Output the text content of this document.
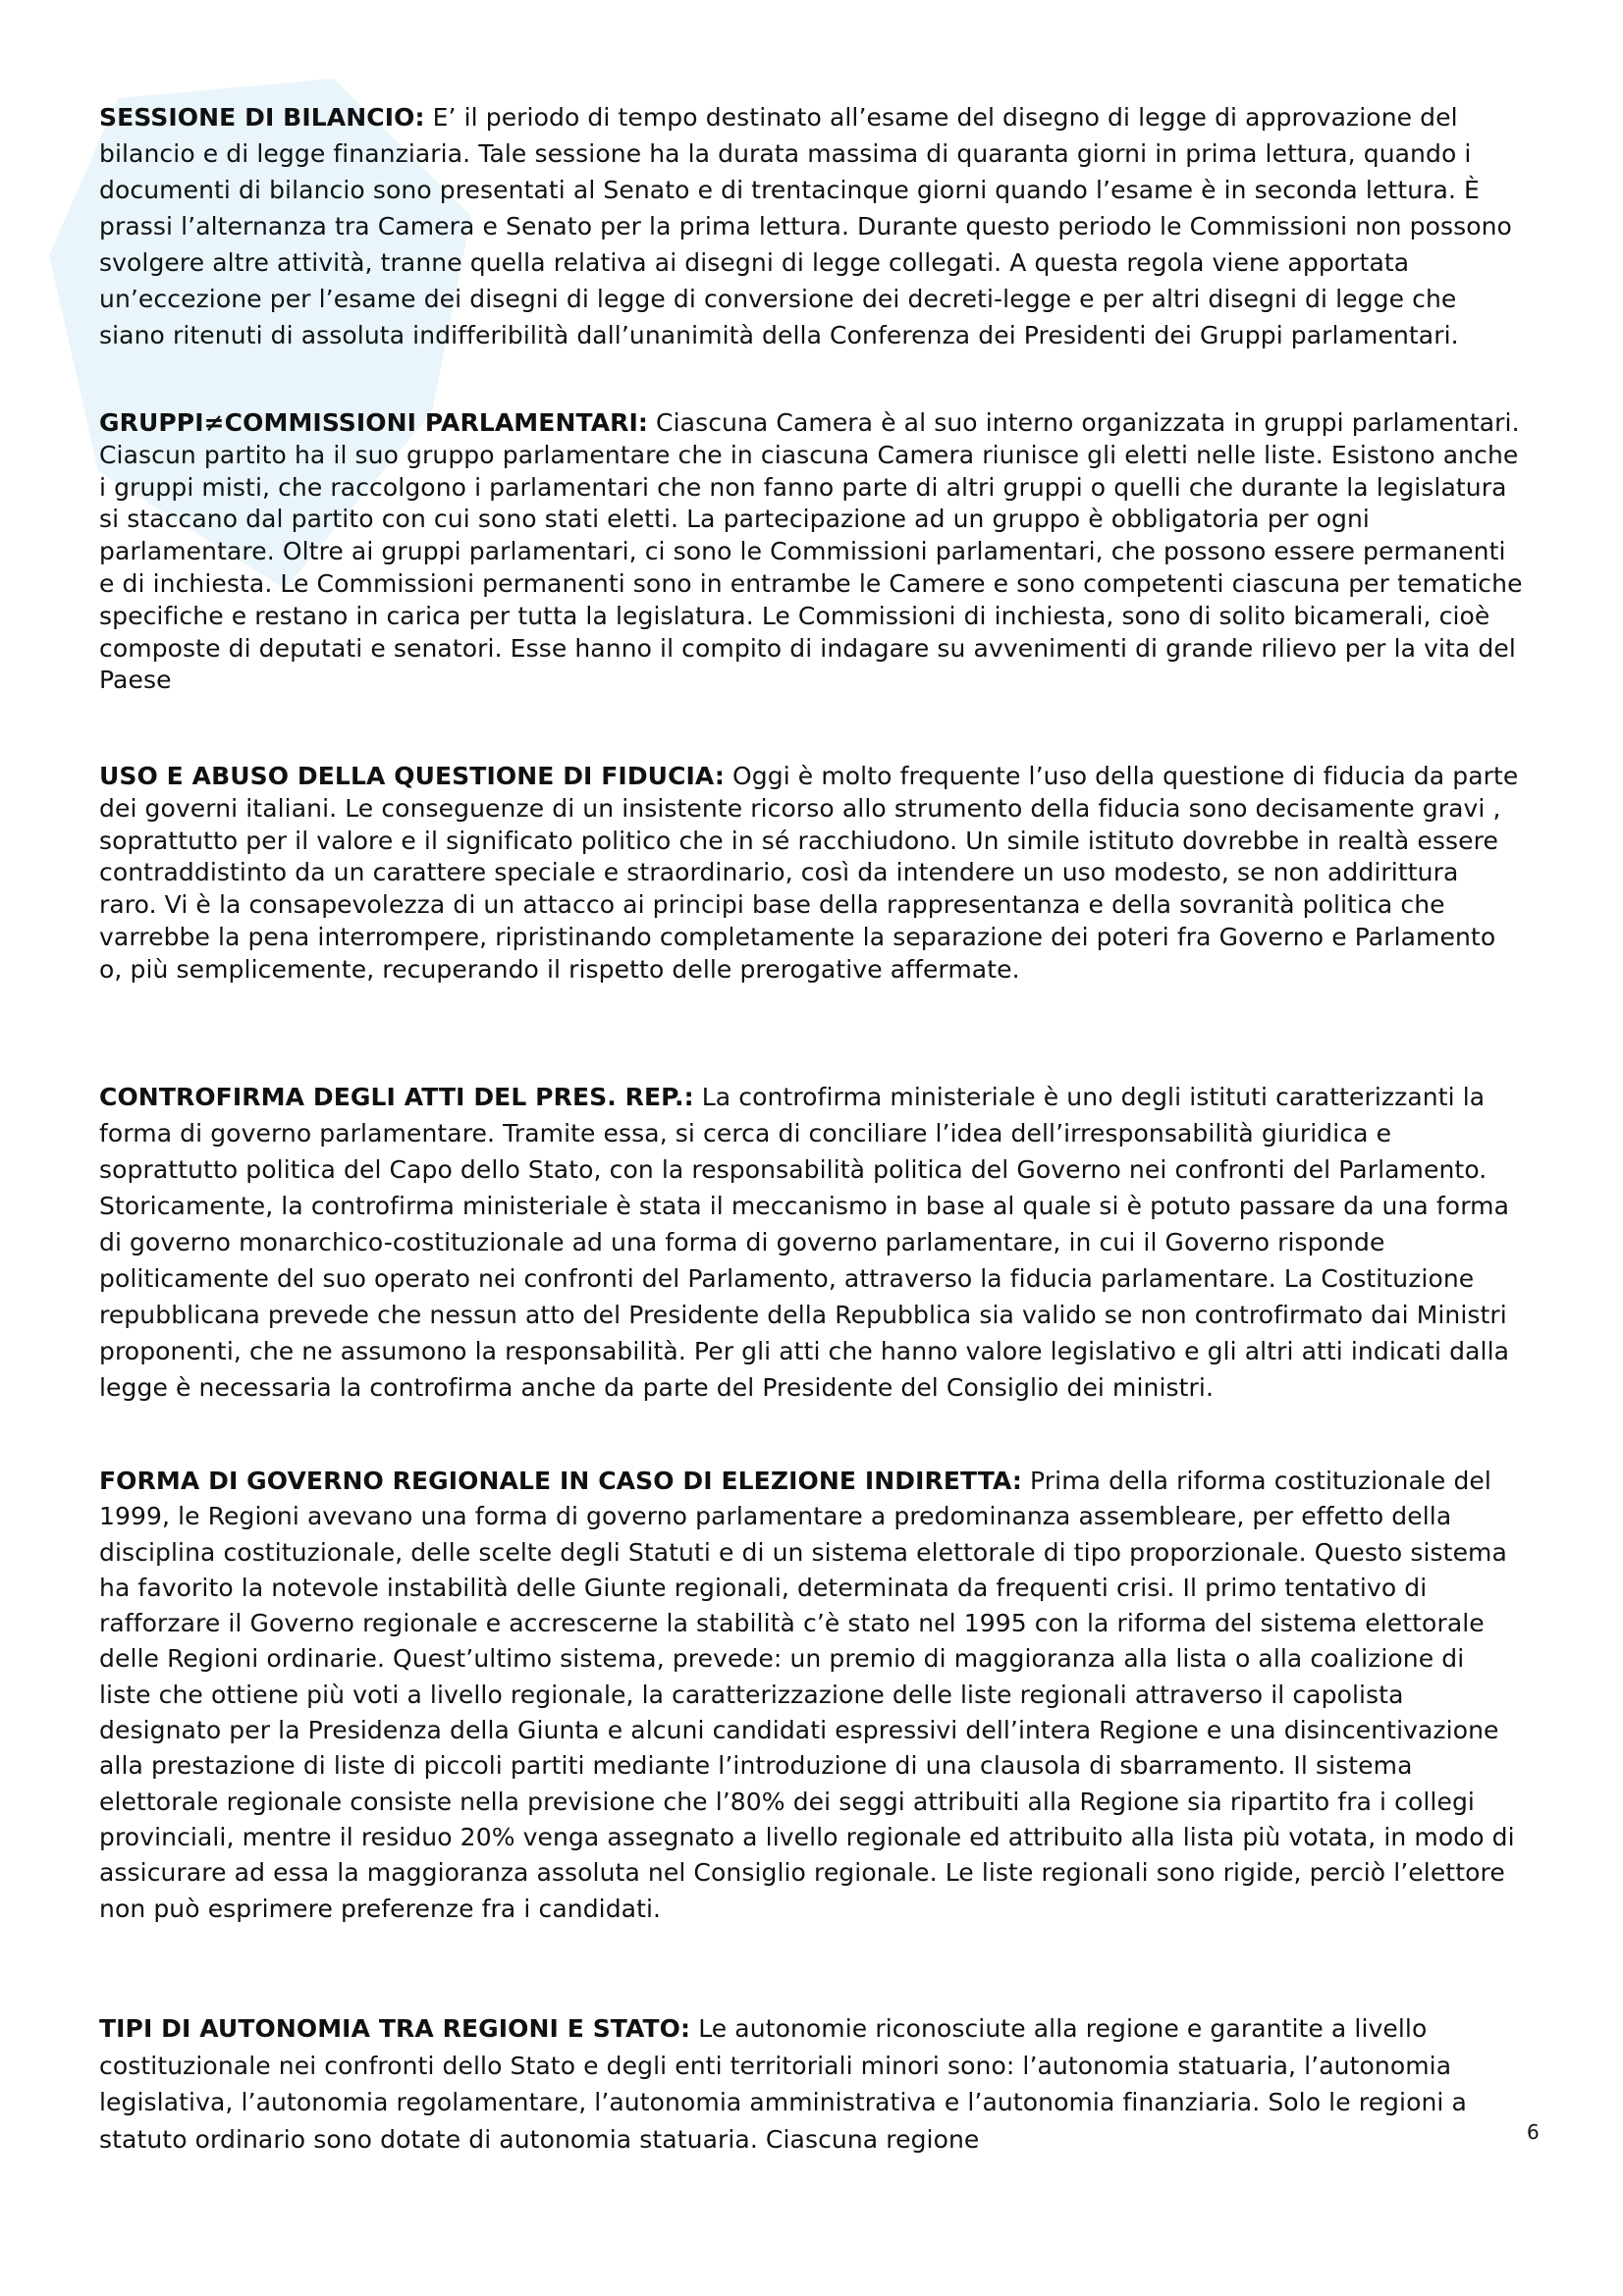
SESSIONE DI BILANCIO: E’ il periodo di tempo destinato all’esame del disegno di legge di approvazione del bilancio e di legge finanziaria. Tale sessione ha la durata massima di quaranta giorni in prima lettura, quando i documenti di bilancio sono presentati al Senato e di trentacinque giorni quando l’esame è in seconda lettura. È prassi l’alternanza tra Camera e Senato per la prima lettura. Durante questo periodo le Commissioni non possono svolgere altre attività, tranne quella relativa ai disegni di legge collegati. A questa regola viene apportata un’eccezione per l’esame dei disegni di legge di conversione dei decreti-legge e per altri disegni di legge che siano ritenuti di assoluta indifferibilità dall’unanimità della Conferenza dei Presidenti dei Gruppi parlamentari.

GRUPPI≠COMMISSIONI PARLAMENTARI: Ciascuna Camera è al suo interno organizzata in gruppi parlamentari. Ciascun partito ha il suo gruppo parlamentare che in ciascuna Camera riunisce gli eletti nelle liste. Esistono anche i gruppi misti, che raccolgono i parlamentari che non fanno parte di altri gruppi o quelli che durante la legislatura si staccano dal partito con cui sono stati eletti. La partecipazione ad un gruppo è obbligatoria per ogni parlamentare. Oltre ai gruppi parlamentari, ci sono le Commissioni parlamentari, che possono essere permanenti e di inchiesta. Le Commissioni permanenti sono in entrambe le Camere e sono competenti ciascuna per tematiche specifiche e restano in carica per tutta la legislatura. Le Commissioni di inchiesta, sono di solito bicamerali, cioè composte di deputati e senatori. Esse hanno il compito di indagare su avvenimenti di grande rilievo per la vita del Paese

USO E ABUSO DELLA QUESTIONE DI FIDUCIA: Oggi è molto frequente l’uso della questione di fiducia da parte dei governi italiani. Le conseguenze di un insistente ricorso allo strumento della fiducia sono decisamente gravi , soprattutto per il valore e il significato politico che in sé racchiudono. Un simile istituto dovrebbe in realtà essere contraddistinto da un carattere speciale e straordinario, così da intendere un uso modesto, se non addirittura raro. Vi è la consapevolezza di un attacco ai principi base della rappresentanza e della sovranità politica che varrebbe la pena interrompere, ripristinando completamente la separazione dei poteri fra Governo e Parlamento o, più semplicemente, recuperando il rispetto delle prerogative affermate.

CONTROFIRMA DEGLI ATTI DEL PRES. REP.: La controfirma ministeriale è uno degli istituti caratterizzanti la forma di governo parlamentare. Tramite essa, si cerca di conciliare l’idea dell’irresponsabilità giuridica e soprattutto politica del Capo dello Stato, con la responsabilità politica del Governo nei confronti del Parlamento. Storicamente, la controfirma ministeriale è stata il meccanismo in base al quale si è potuto passare da una forma di governo monarchico-costituzionale ad una forma di governo parlamentare, in cui il Governo risponde politicamente del suo operato nei confronti del Parlamento, attraverso la fiducia parlamentare. La Costituzione repubblicana prevede che nessun atto del Presidente della Repubblica sia valido se non controfirmato dai Ministri proponenti, che ne assumono la responsabilità. Per gli atti che hanno valore legislativo e gli altri atti indicati dalla legge è necessaria la controfirma anche da parte del Presidente del Consiglio dei ministri.

FORMA DI GOVERNO REGIONALE IN CASO DI ELEZIONE INDIRETTA: Prima della riforma costituzionale del 1999, le Regioni avevano una forma di governo parlamentare a predominanza assembleare, per effetto della disciplina costituzionale, delle scelte degli Statuti e di un sistema elettorale di tipo proporzionale. Questo sistema ha favorito la notevole instabilità delle Giunte regionali, determinata da frequenti crisi. Il primo tentativo di rafforzare il Governo regionale e accrescerne la stabilità c’è stato nel 1995 con la riforma del sistema elettorale delle Regioni ordinarie. Quest’ultimo sistema, prevede: un premio di maggioranza alla lista o alla coalizione di liste che ottiene più voti a livello regionale, la caratterizzazione delle liste regionali attraverso il capolista designato per la Presidenza della Giunta e alcuni candidati espressivi dell’intera Regione e una disincentivazione alla prestazione di liste di piccoli partiti mediante l’introduzione di una clausola di sbarramento. Il sistema elettorale regionale consiste nella previsione che l’80% dei seggi attribuiti alla Regione sia ripartito fra i collegi provinciali, mentre il residuo 20% venga assegnato a livello regionale ed attribuito alla lista più votata, in modo di assicurare ad essa la maggioranza assoluta nel Consiglio regionale. Le liste regionali sono rigide, perciò l’elettore non può esprimere preferenze fra i candidati.

TIPI DI AUTONOMIA TRA REGIONI E STATO: Le autonomie riconosciute alla regione e garantite a livello costituzionale nei confronti dello Stato e degli enti territoriali minori sono: l’autonomia statuaria, l’autonomia legislativa, l’autonomia regolamentare, l’autonomia amministrativa e l’autonomia finanziaria. Solo le regioni a statuto ordinario sono dotate di autonomia statuaria. Ciascuna regione	6
